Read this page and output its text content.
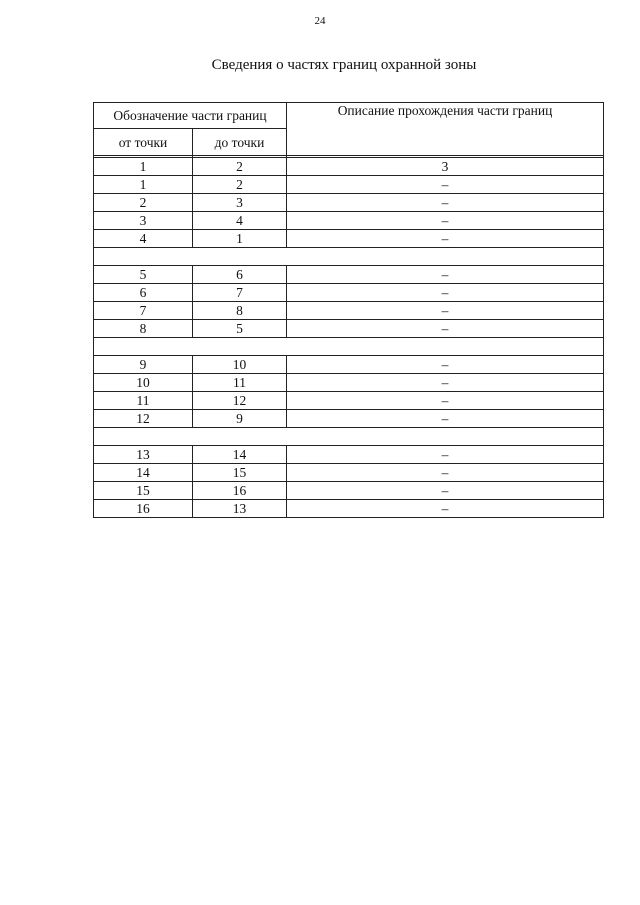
24
Сведения о частях границ охранной зоны
Обозначение части границ		Описание прохождения части границ
от точки	до точки	

1	2	3
1	2	–
2	3	–
3	4	–
4	1	–

5	6	–
6	7	–
7	8	–
8	5	–

9	10	–
10	11	–
11	12	–
12	9	–

13	14	–
14	15	–
15	16	–
16	13	–
